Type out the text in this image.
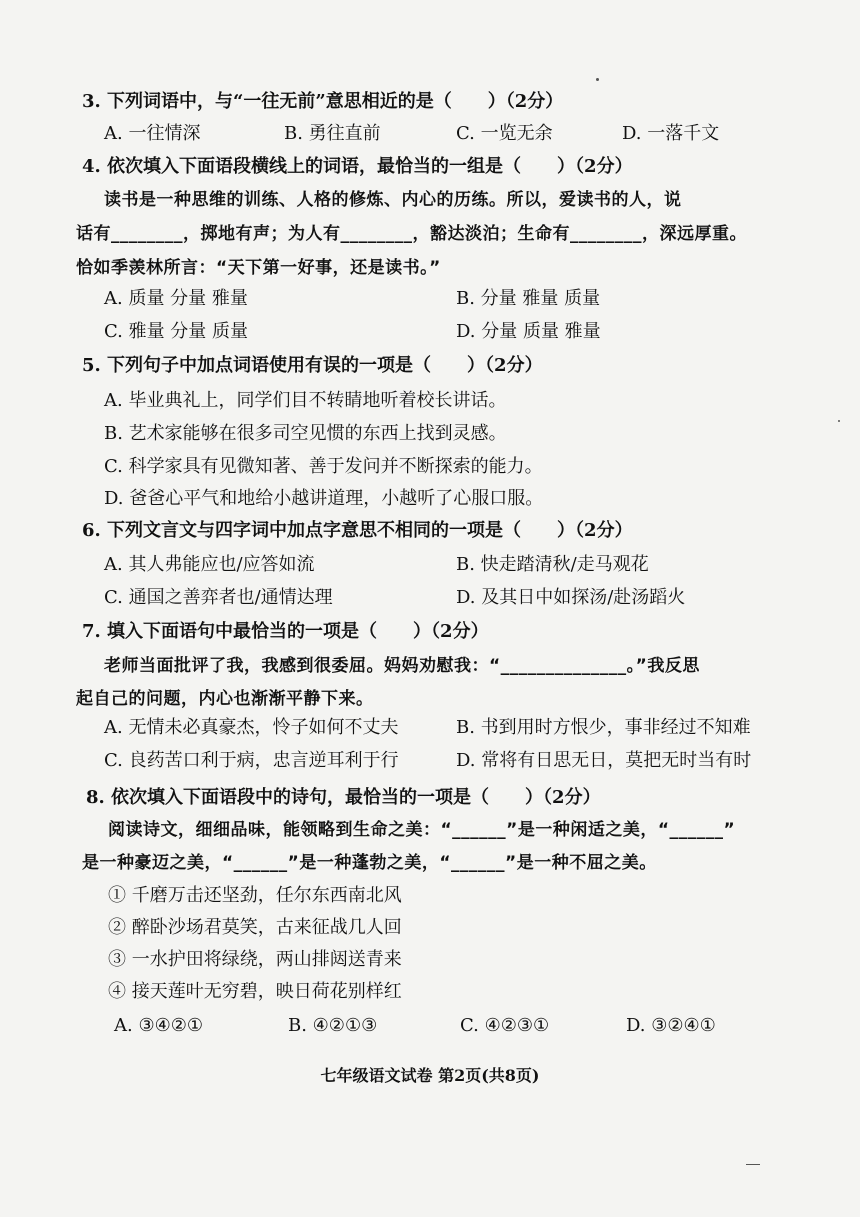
3. 下列词语中，与“一往无前”意思相近的是（　　）（2分）
A. 一往情深	B. 勇往直前	C. 一览无余	D. 一落千文
4. 依次填入下面语段横线上的词语，最恰当的一组是（　　）（2分）
读书是一种思维的训练、人格的修炼、内心的历练。所以，爱读书的人，说
话有________，掷地有声；为人有________，豁达淡泊；生命有________，深远厚重。
恰如季羡林所言：“天下第一好事，还是读书。”
A. 质量 分量 雅量	B. 分量 雅量 质量
C. 雅量 分量 质量	D. 分量 质量 雅量
5. 下列句子中加点词语使用有误的一项是（　　）（2分）
A. 毕业典礼上，同学们目不转睛地听着校长讲话。
B. 艺术家能够在很多司空见惯的东西上找到灵感。
C. 科学家具有见微知著、善于发问并不断探索的能力。
D. 爸爸心平气和地给小越讲道理，小越听了心服口服。
6. 下列文言文与四字词中加点字意思不相同的一项是（　　）（2分）
A. 其人弗能应也/应答如流	B. 快走踏清秋/走马观花
C. 通国之善弈者也/通情达理	D. 及其日中如探汤/赴汤蹈火
7. 填入下面语句中最恰当的一项是（　　）（2分）
老师当面批评了我，我感到很委屈。妈妈劝慰我：“______________。”我反思
起自己的问题，内心也渐渐平静下来。
A. 无情未必真豪杰，怜子如何不丈夫	B. 书到用时方恨少，事非经过不知难
C. 良药苦口利于病，忠言逆耳利于行	D. 常将有日思无日，莫把无时当有时
8. 依次填入下面语段中的诗句，最恰当的一项是（　　）（2分）
阅读诗文，细细品味，能领略到生命之美：“______”是一种闲适之美，“______”
是一种豪迈之美，“______”是一种蓬勃之美，“______”是一种不屈之美。
① 千磨万击还坚劲，任尔东西南北风
② 醉卧沙场君莫笑，古来征战几人回
③ 一水护田将绿绕，两山排闼送青来
④ 接天莲叶无穷碧，映日荷花别样红
A. ③④②①	B. ④②①③	C. ④②③①	D. ③②④①
七年级语文试卷 第2页(共8页)
